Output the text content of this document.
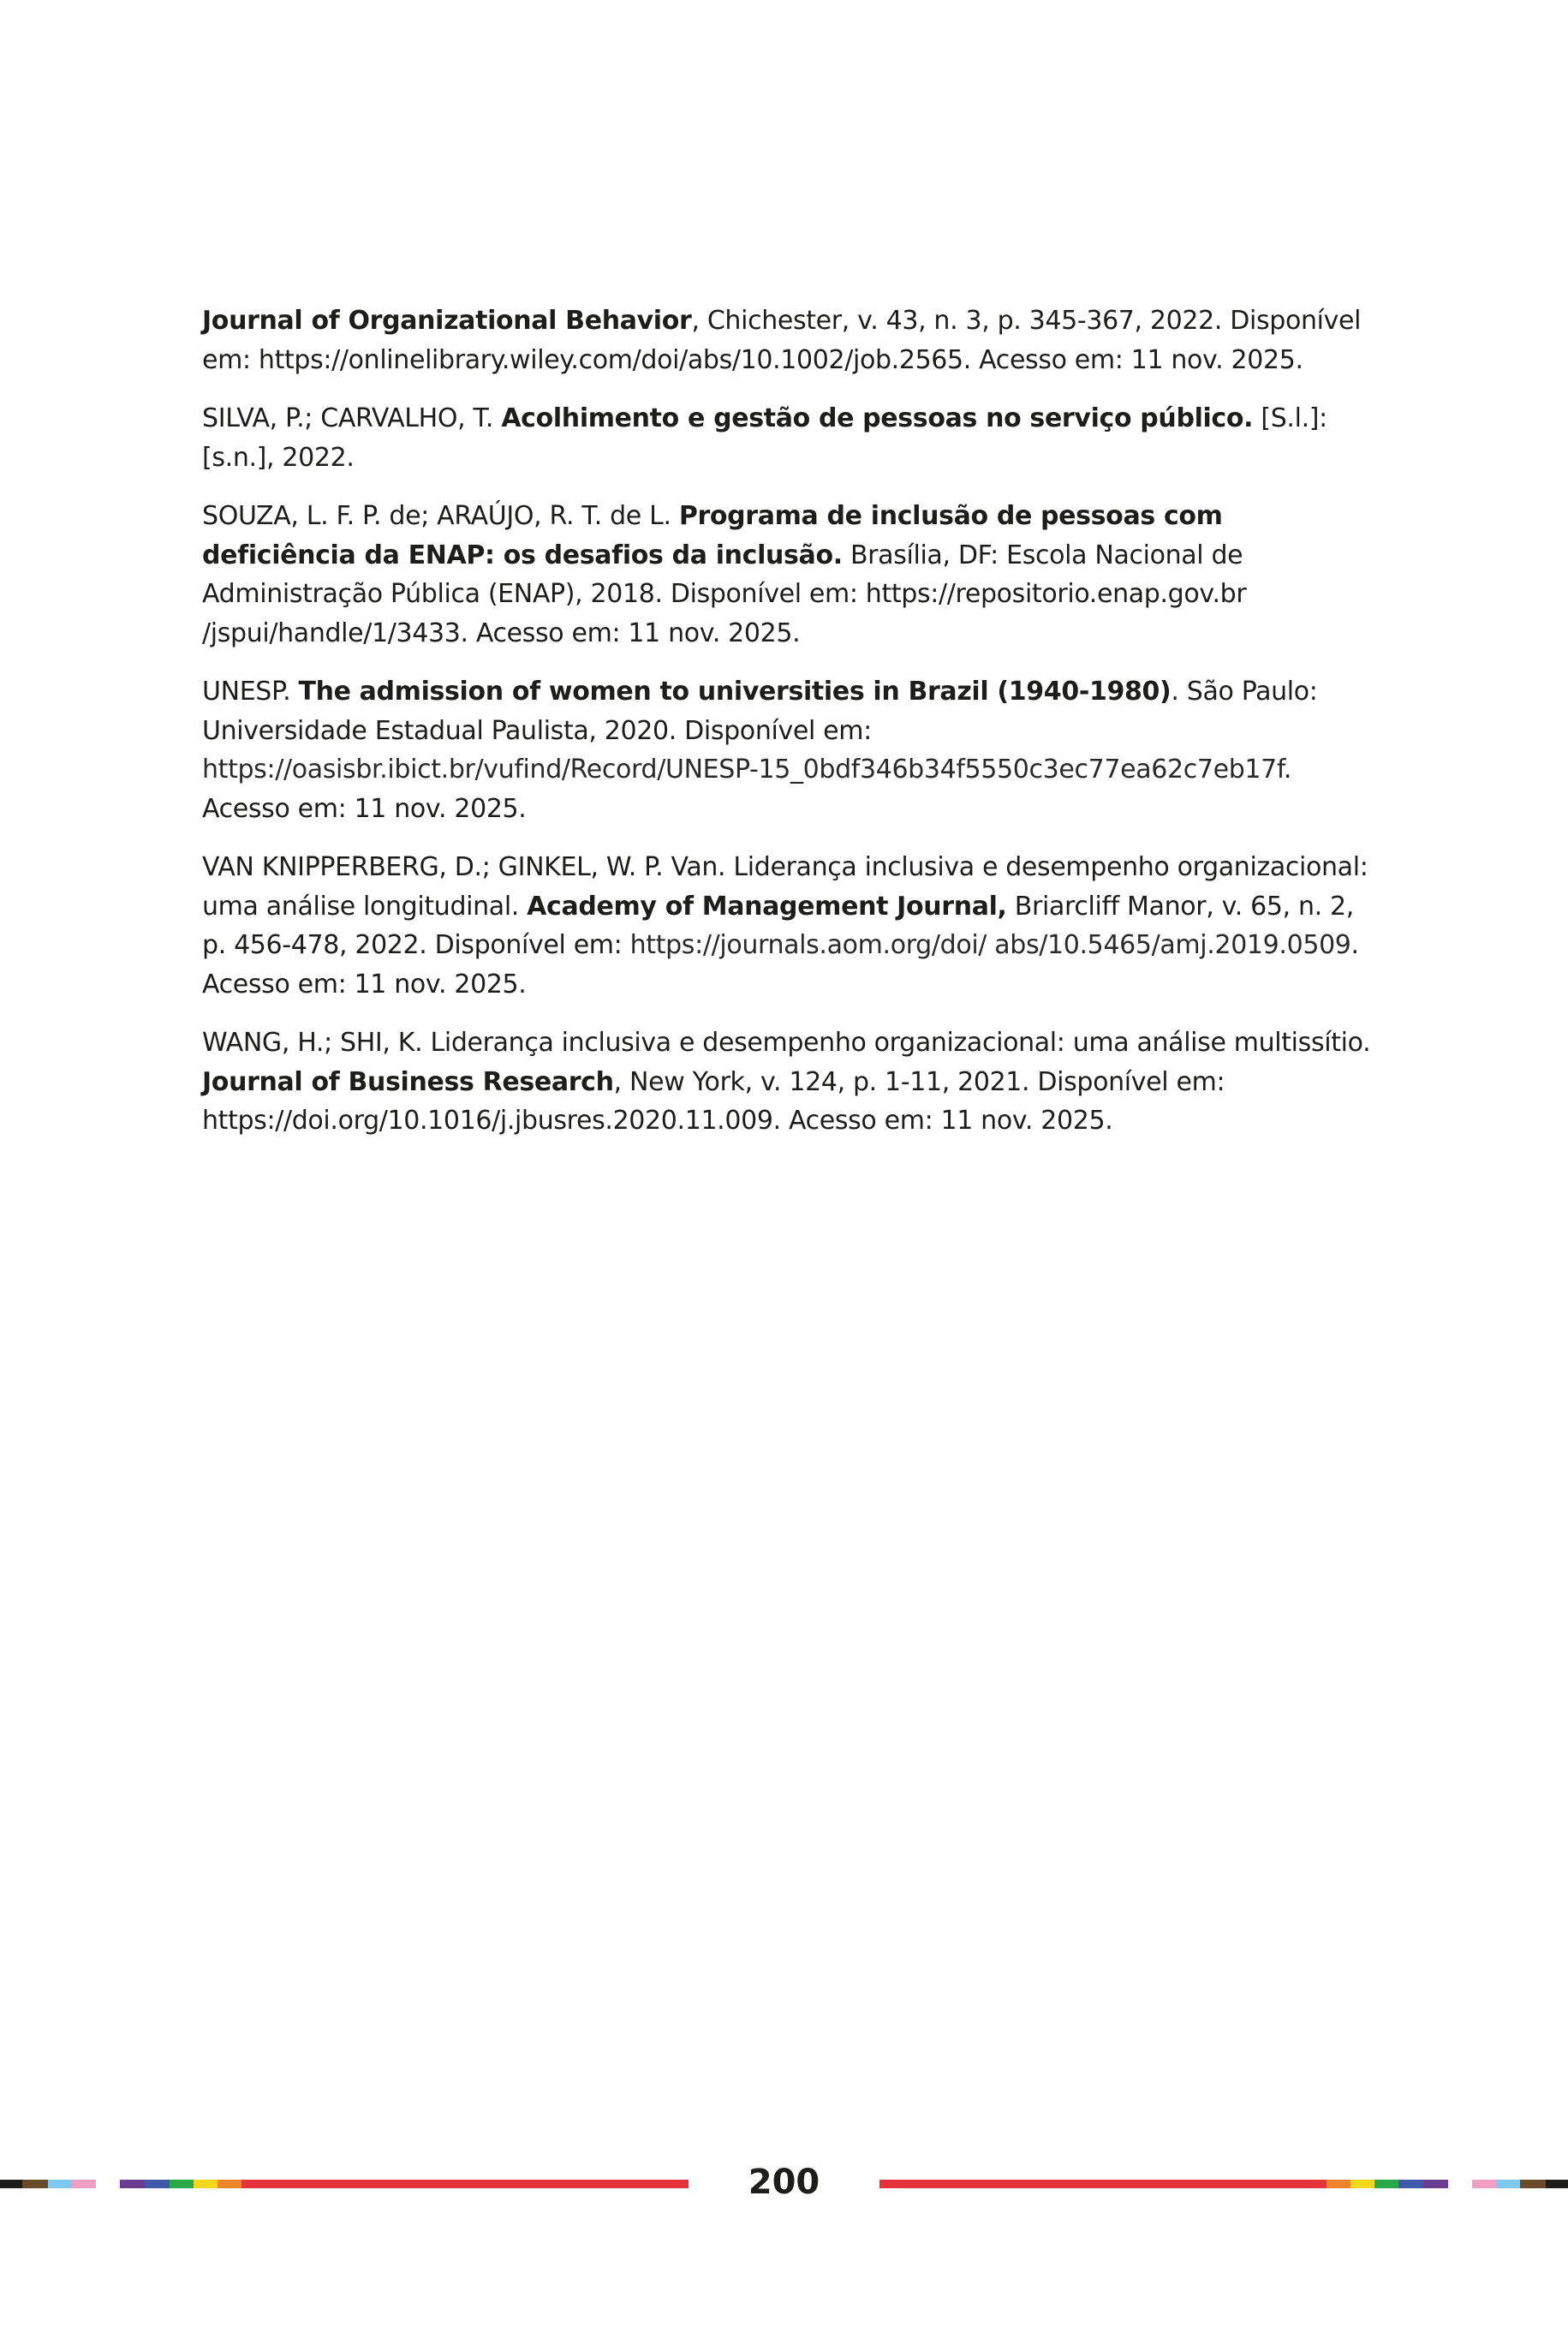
Journal of Organizational Behavior, Chichester, v. 43, n. 3, p. 345-367, 2022. Disponível em: https://onlinelibrary.wiley.com/doi/abs/10.1002/job.2565. Acesso em: 11 nov. 2025.

SILVA, P.; CARVALHO, T. Acolhimento e gestão de pessoas no serviço público. [S.l.]: [s.n.], 2022.

SOUZA, L. F. P. de; ARAÚJO, R. T. de L. Programa de inclusão de pessoas com deficiência da ENAP: os desafios da inclusão. Brasília, DF: Escola Nacional de Administração Pública (ENAP), 2018. Disponível em: https://repositorio.enap.gov.br /jspui/handle/1/3433. Acesso em: 11 nov. 2025.

UNESP. The admission of women to universities in Brazil (1940-1980). São Paulo: Universidade Estadual Paulista, 2020. Disponível em: https://oasisbr.ibict.br/vufind/Record/UNESP-15_0bdf346b34f5550c3ec77ea62c7eb17f. Acesso em: 11 nov. 2025.

VAN KNIPPERBERG, D.; GINKEL, W. P. Van. Liderança inclusiva e desempenho organizacional: uma análise longitudinal. Academy of Management Journal, Briarcliff Manor, v. 65, n. 2, p. 456-478, 2022. Disponível em: https://journals.aom.org/doi/ abs/10.5465/amj.2019.0509. Acesso em: 11 nov. 2025.

WANG, H.; SHI, K. Liderança inclusiva e desempenho organizacional: uma análise multissítio. Journal of Business Research, New York, v. 124, p. 1-11, 2021. Disponível em: https://doi.org/10.1016/j.jbusres.2020.11.009. Acesso em: 11 nov. 2025.

200
